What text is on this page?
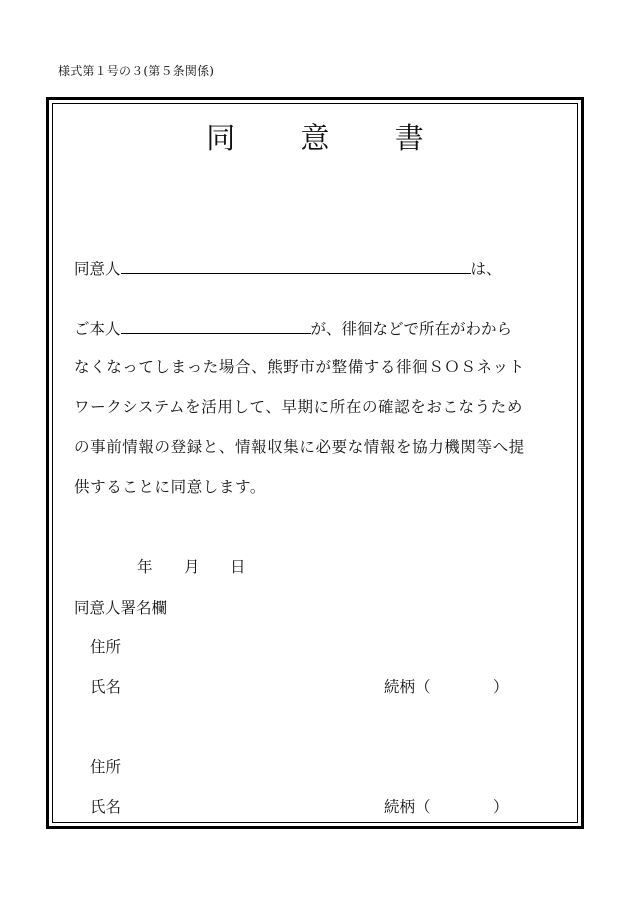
様式第１号の３(第５条関係)
同 意 書
同意人	は、
ご本人	が、徘徊などで所在がわから
なくなってしまった場合、熊野市が整備する徘徊ＳＯＳネット
ワークシステムを活用して、早期に所在の確認をおこなうため
の事前情報の登録と、情報収集に必要な情報を協力機関等へ提
供することに同意します。
年 月 日
同意人署名欄
住所
氏名	続柄（	）
住所
氏名	続柄（	）
